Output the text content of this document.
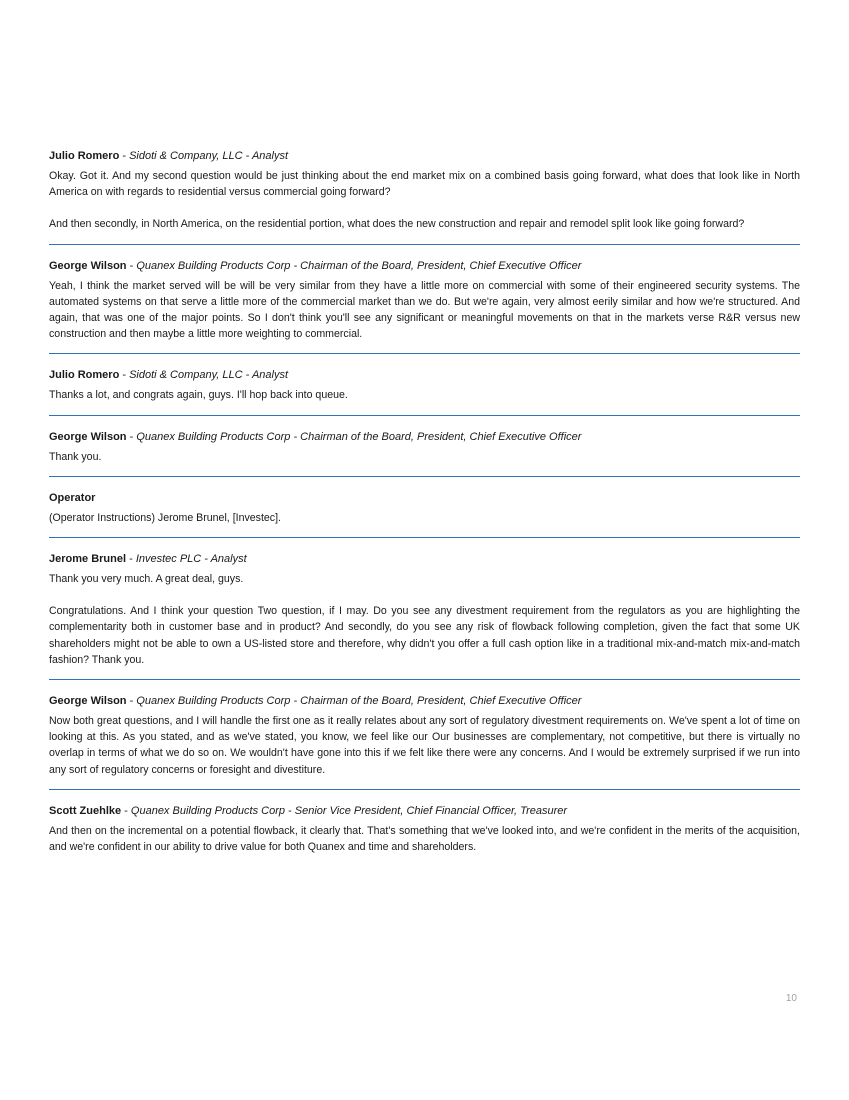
Julio Romero - Sidoti & Company, LLC - Analyst

Okay. Got it. And my second question would be just thinking about the end market mix on a combined basis going forward, what does that look like in North America on with regards to residential versus commercial going forward?

And then secondly, in North America, on the residential portion, what does the new construction and repair and remodel split look like going forward?

George Wilson - Quanex Building Products Corp - Chairman of the Board, President, Chief Executive Officer

Yeah, I think the market served will be will be very similar from they have a little more on commercial with some of their engineered security systems. The automated systems on that serve a little more of the commercial market than we do. But we're again, very almost eerily similar and how we're structured. And again, that was one of the major points. So I don't think you'll see any significant or meaningful movements on that in the markets verse R&R versus new construction and then maybe a little more weighting to commercial.

Julio Romero - Sidoti & Company, LLC - Analyst

Thanks a lot, and congrats again, guys. I'll hop back into queue.

George Wilson - Quanex Building Products Corp - Chairman of the Board, President, Chief Executive Officer

Thank you.

Operator

(Operator Instructions) Jerome Brunel, [Investec].

Jerome Brunel - Investec PLC - Analyst

Thank you very much. A great deal, guys.

Congratulations. And I think your question Two question, if I may. Do you see any divestment requirement from the regulators as you are highlighting the complementarity both in customer base and in product? And secondly, do you see any risk of flowback following completion, given the fact that some UK shareholders might not be able to own a US-listed store and therefore, why didn't you offer a full cash option like in a traditional mix-and-match mix-and-match fashion? Thank you.

George Wilson - Quanex Building Products Corp - Chairman of the Board, President, Chief Executive Officer

Now both great questions, and I will handle the first one as it really relates about any sort of regulatory divestment requirements on. We've spent a lot of time on looking at this. As you stated, and as we've stated, you know, we feel like our Our businesses are complementary, not competitive, but there is virtually no overlap in terms of what we do so on. We wouldn't have gone into this if we felt like there were any concerns. And I would be extremely surprised if we run into any sort of regulatory concerns or foresight and divestiture.

Scott Zuehlke - Quanex Building Products Corp - Senior Vice President, Chief Financial Officer, Treasurer

And then on the incremental on a potential flowback, it clearly that. That's something that we've looked into, and we're confident in the merits of the acquisition, and we're confident in our ability to drive value for both Quanex and time and shareholders.

10
